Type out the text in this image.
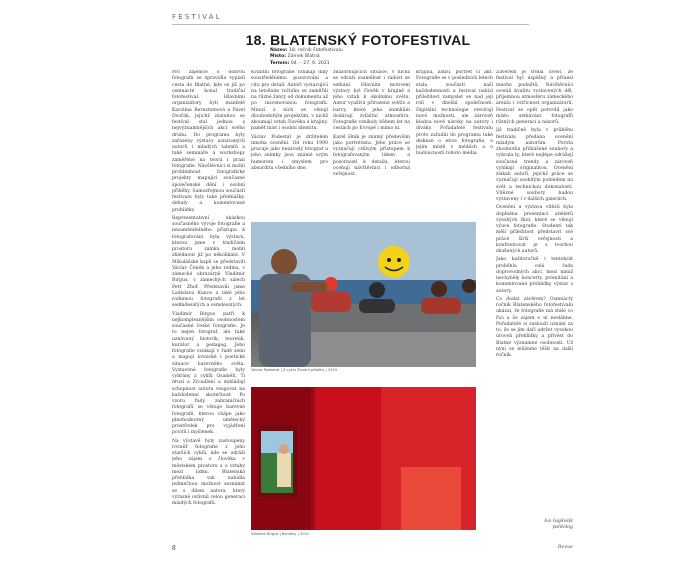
FESTIVAL
18. BLATENSKÝ FOTOFESTIVAL
Název: 18. ročník Fotofestivalu
Místo: Zámek Blatná
Termín: 04. – 27. 6. 2021

Pro zájemce o dobrou fotografii se zpravidla vyplatí cesta do Blatné, kde se již po osmnácté konal tradiční fotofestival. Hlavními organizátory byli manželé Karolína Bernsteinová a Pavel Dvořák, jejichž zásluhou se festival stal jednou z nejvýznamnějších akcí svého druhu. Do programu byly zařazeny výstavy uznávaných autorů i mladých talentů a také semináře a workshopy zaměřené na teorii i praxi fotografie. Návštěvníci si mohli prohlédnout fotografické projekty mapující současné společenské dění i osobní příběhy. Samozřejmou součástí festivalu byly také přednášky, debaty a komentované prohlídky.

Reprezentativní ukázkou současného vývoje fotografie a nezaměnitelného přístupu k fotografování byla výstava, kterou jsme v tradičním prostoru zámku mohli zhlédnout již po několikáté. V Mikulášské kapli se představili Václav Čeněk a jeho rodina, v zámecké obrazárně Vladimír Birgus, v zámeckých sálech Petr Zhoř. Představili jsme Ladislava Kunce a také jeho rodinnou fotografii z let sedmdesátých a osmdesátých.

Vladimír Birgus patří k nejkomplexnějším osobnostem současné české fotografie. Je to nejen fotograf, ale také uznávaný historik, teoretik, kurátor a pedagog. Jeho fotografie vznikají v řadě zemí a mapují ironické i poetické situace barevného světa. Vystavené fotografie byly vybrány z cyklů Osamělí, Ti druzí a Zrcadlení a dokládají schopnost autora reagovat na každodenní skutečnost. Po vzoru řady zahraničních fotografů se věnuje barevné fotografii, kterou chápe jako plnohodnotný umělecký prostředek pro vyjádření pocitů i myšlenek.

Na výstavě byly zastoupeny rovněž fotografie z jeho starších cyklů, kde se odráží jeho zájem o člověka v městském prostoru a o vztahy mezi lidmi. Blatenská přehlídka tak nabídla jedinečnou možnost seznámit se s dílem autora, který výrazně ovlivnil celou generaci mladých fotografů.

Kvalitní fotografie vznikají díky soustředěnému pozorování a citu pro detail. Autoři vystavující na letošním ročníku se zaměřili na různé žánry od dokumentu až po inscenovanou fotografii. Mnozí z nich se věnují dlouhodobým projektům, v nichž zkoumají vztah člověka a krajiny, paměť míst i osobní identitu.

Václav Podestát je držitelem mnoha ocenění. Od roku 1990 pracuje jako nezávislý fotograf a jeho snímky jsou známé svým humorem i smyslem pro absurditu všedního dne.

znázorňujících situace, v nichž se odráží osamělost i radost ze setkání. Hlavním motivem výstavy byl člověk v krajině a jeho vztah k okolnímu světu. Autor využívá přirozené světlo a barvy, které jeho snímkům dodávají zvláštní atmosféru. Fotografie vznikaly během let na cestách po Evropě i mimo ni.

Karel Hník je známý především jako portrétista. Jeho práce se vyznačují citlivým přístupem k fotografovaným lidem a pozorností k detailu, kterou oceňují návštěvníci i odborná veřejnost.

krajina, zátiší, portrét či akt. Fotografie se v posledních letech stala součástí naší každodennosti a festival nabízí příležitost zamyslet se nad její rolí v dnešní společnosti. Digitální technologie otevírají nové možnosti, ale zároveň kladou nové nároky na autory i diváky. Pořadatelé festivalu proto zařadili do programu také diskuse o etice fotografie, o jejím místě v médiích a o budoucnosti tohoto média.

Závěrem je třeba uvést, že festival byl úspěšný a přinesl mnoho podnětů. Návštěvníci ocenili kvalitu vystavených děl, příjemnou atmosféru zámeckého areálu i vstřícnost organizátorů. Festival se opět potvrdil jako místo setkávání fotografů různých generací a názorů.

Již tradičně byla v průběhu festivalu předána ocenění mladým autorům. Porota zhodnotila přihlášené soubory a vybrala ty, které nejlépe odrážejí současné trendy a zároveň vynikají originalitou. Ocenění získali autoři, jejichž práce se vyznačují osobitým pohledem na svět a technickou dokonalostí. Vítězné soubory budou vystaveny i v dalších galeriích.

Ocenění a výstava vítězů byla doplněna prezentací ateliérů vysokých škol, které se věnují výuce fotografie. Studenti tak měli příležitost představit své práce širší veřejnosti a konfrontovat je s tvorbou zkušených autorů.

Jako každoročně i tentokrát proběhla celá řada doprovodných akcí, mezi nimiž nechyběly koncerty, promítání a komentované prohlídky výstav s autory.

Co dodat závěrem? Osmnáctý ročník Blatenského fotofestivalu ukázal, že fotografie má stále co říci a že zájem o ni neslábne. Pořadatelé si zaslouží uznání za to, že se jim daří udržet vysokou úroveň přehlídky a přivést do Blatné významné osobnosti. Už nyní se můžeme těšit na další ročník.

Ivo Gajdošík
politolog
Václav Podestát | Z cyklu Životní příběhy | 2019
Vladimír Birgus | Benátky | 2021
8	Revue
